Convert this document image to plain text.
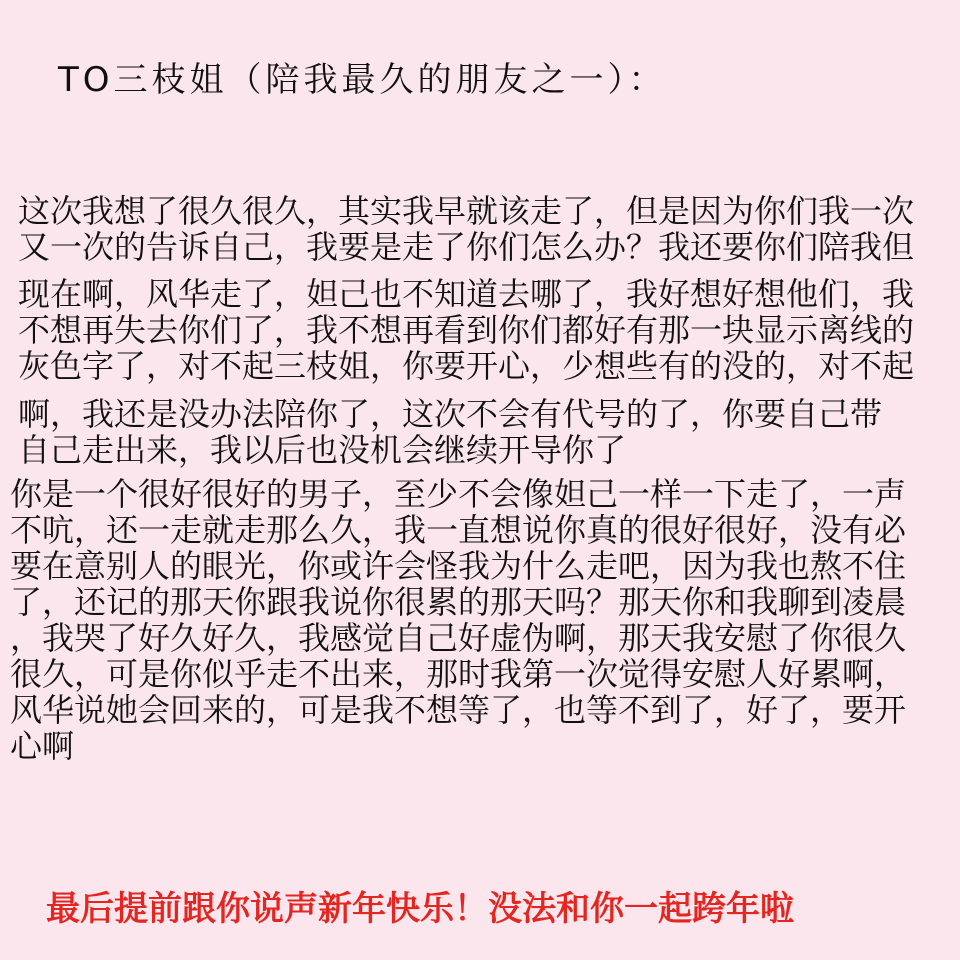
TO三枝姐（陪我最久的朋友之一）：
这次我想了很久很久，其实我早就该走了，但是因为你们我一次
又一次的告诉自己，我要是走了你们怎么办？我还要你们陪我但
现在啊，风华走了，妲己也不知道去哪了，我好想好想他们，我
不想再失去你们了，我不想再看到你们都好有那一块显示离线的
灰色字了，对不起三枝姐，你要开心，少想些有的没的，对不起
啊，我还是没办法陪你了，这次不会有代号的了，你要自己带
自己走出来，我以后也没机会继续开导你了
你是一个很好很好的男子，至少不会像妲己一样一下走了，一声
不吭，还一走就走那么久，我一直想说你真的很好很好，没有必
要在意别人的眼光，你或许会怪我为什么走吧，因为我也熬不住
了，还记的那天你跟我说你很累的那天吗？那天你和我聊到凌晨
，我哭了好久好久，我感觉自己好虚伪啊，那天我安慰了你很久
很久，可是你似乎走不出来，那时我第一次觉得安慰人好累啊，
风华说她会回来的，可是我不想等了，也等不到了，好了，要开
心啊
最后提前跟你说声新年快乐！没法和你一起跨年啦
